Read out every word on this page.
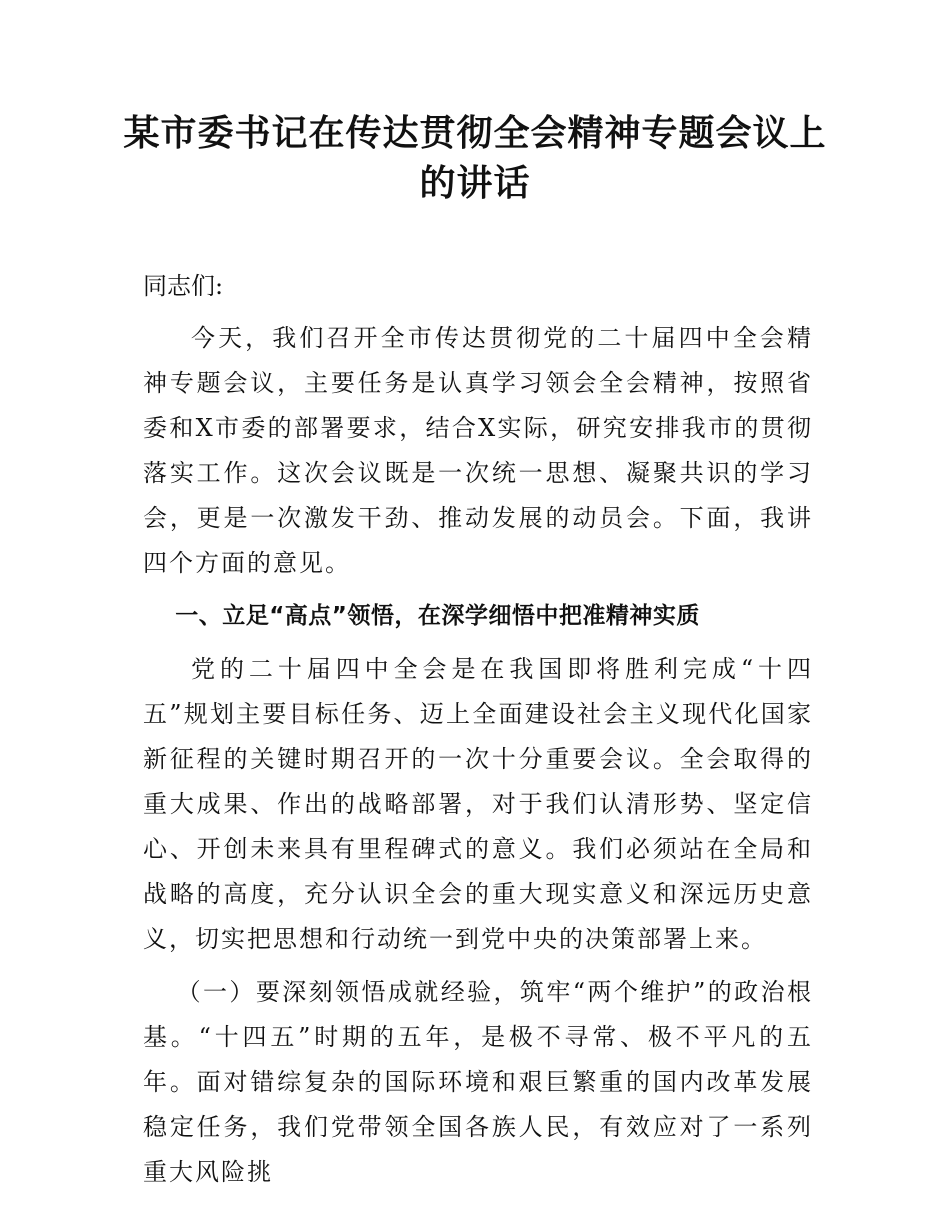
某市委书记在传达贯彻全会精神专题会议上的讲话

同志们:

今天，我们召开全市传达贯彻党的二十届四中全会精神专题会议，主要任务是认真学习领会全会精神，按照省委和X市委的部署要求，结合X实际，研究安排我市的贯彻落实工作。这次会议既是一次统一思想、凝聚共识的学习会，更是一次激发干劲、推动发展的动员会。下面，我讲四个方面的意见。

一、立足“高点”领悟，在深学细悟中把准精神实质

党的二十届四中全会是在我国即将胜利完成“十四五”规划主要目标任务、迈上全面建设社会主义现代化国家新征程的关键时期召开的一次十分重要会议。全会取得的重大成果、作出的战略部署，对于我们认清形势、坚定信心、开创未来具有里程碑式的意义。我们必须站在全局和战略的高度，充分认识全会的重大现实意义和深远历史意义，切实把思想和行动统一到党中央的决策部署上来。

（一）要深刻领悟成就经验，筑牢“两个维护”的政治根基。“十四五”时期的五年，是极不寻常、极不平凡的五年。面对错综复杂的国际环境和艰巨繁重的国内改革发展稳定任务，我们党带领全国各族人民，有效应对了一系列重大风险挑
